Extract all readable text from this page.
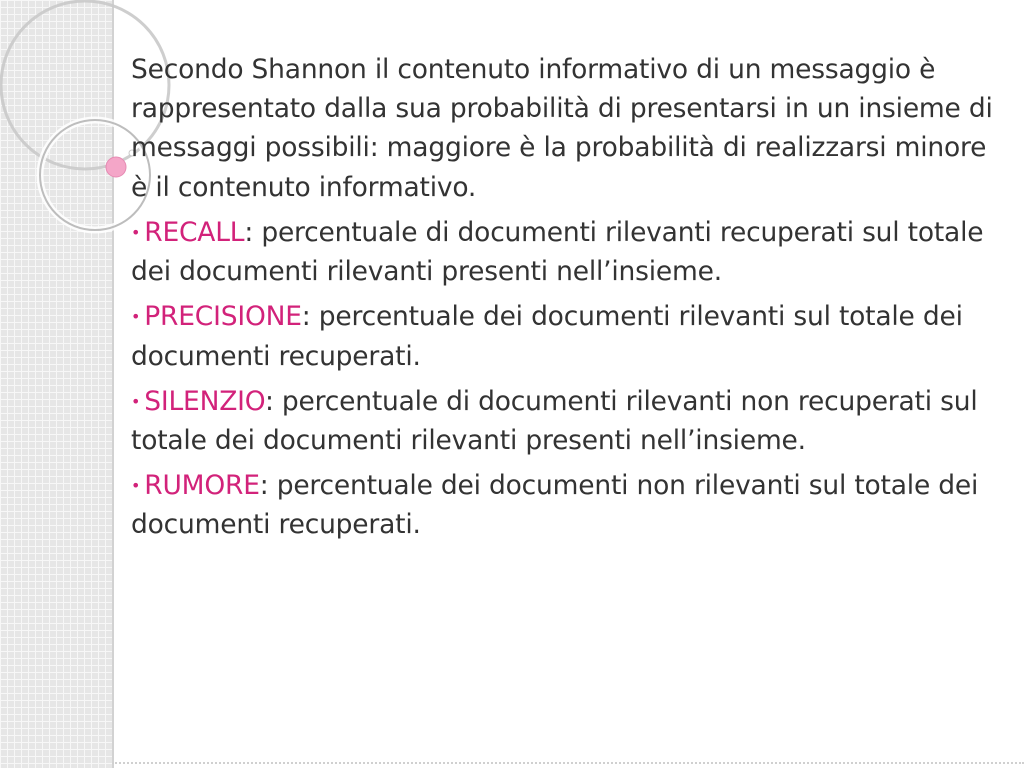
Secondo Shannon il contenuto informativo di un messaggio è rappresentato dalla sua probabilità di presentarsi in un insieme di messaggi possibili: maggiore è la probabilità di realizzarsi minore è il contenuto informativo.

• RECALL: percentuale di documenti rilevanti recuperati sul totale dei documenti rilevanti presenti nell’insieme.

• PRECISIONE: percentuale dei documenti rilevanti sul totale dei documenti recuperati.

• SILENZIO: percentuale di documenti rilevanti non recuperati sul totale dei documenti rilevanti presenti nell’insieme.

• RUMORE: percentuale dei documenti non rilevanti sul totale dei documenti recuperati.
